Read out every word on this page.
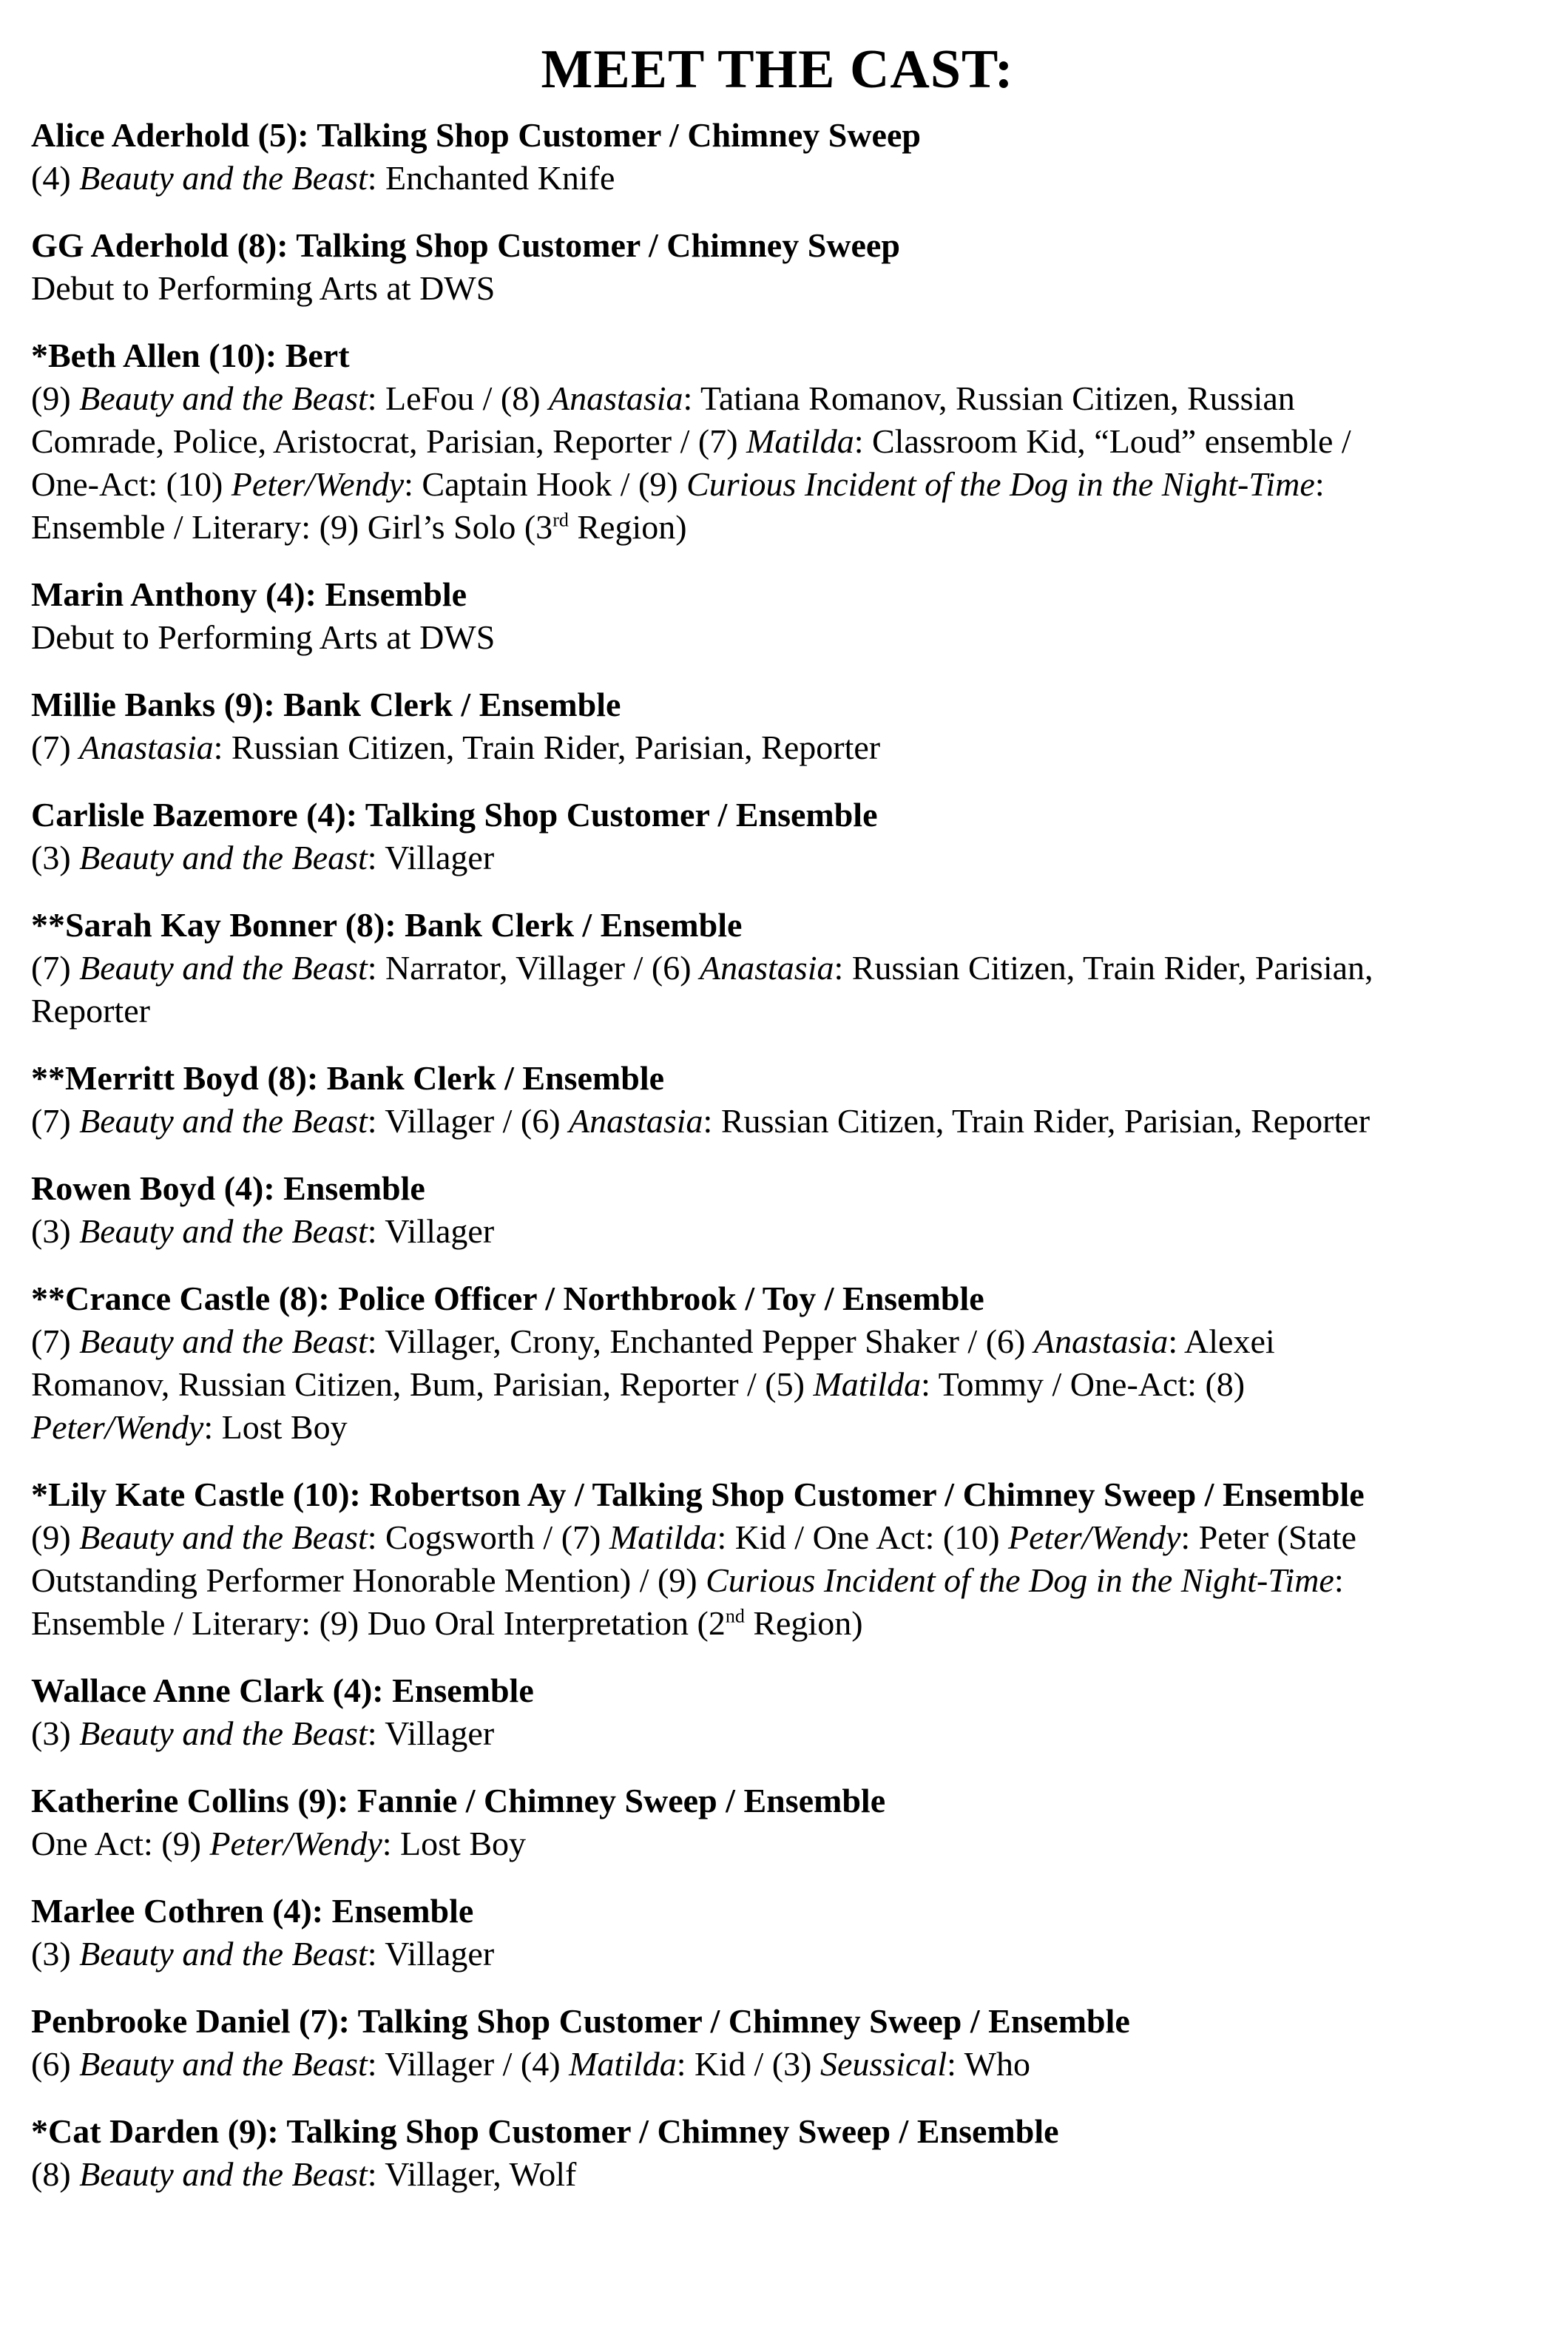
MEET THE CAST:
Alice Aderhold (5): Talking Shop Customer / Chimney Sweep
(4) Beauty and the Beast: Enchanted Knife
GG Aderhold (8): Talking Shop Customer / Chimney Sweep
Debut to Performing Arts at DWS
*Beth Allen (10): Bert
(9) Beauty and the Beast: LeFou / (8) Anastasia: Tatiana Romanov, Russian Citizen, Russian
Comrade, Police, Aristocrat, Parisian, Reporter / (7) Matilda: Classroom Kid, “Loud” ensemble /
One-Act: (10) Peter/Wendy: Captain Hook / (9) Curious Incident of the Dog in the Night-Time:
Ensemble / Literary: (9) Girl’s Solo (3rd Region)
Marin Anthony (4): Ensemble
Debut to Performing Arts at DWS
Millie Banks (9): Bank Clerk / Ensemble
(7) Anastasia: Russian Citizen, Train Rider, Parisian, Reporter
Carlisle Bazemore (4): Talking Shop Customer / Ensemble
(3) Beauty and the Beast: Villager
**Sarah Kay Bonner (8): Bank Clerk / Ensemble
(7) Beauty and the Beast: Narrator, Villager / (6) Anastasia: Russian Citizen, Train Rider, Parisian,
Reporter
**Merritt Boyd (8): Bank Clerk / Ensemble
(7) Beauty and the Beast: Villager / (6) Anastasia: Russian Citizen, Train Rider, Parisian, Reporter
Rowen Boyd (4): Ensemble
(3) Beauty and the Beast: Villager
**Crance Castle (8): Police Officer / Northbrook / Toy / Ensemble
(7) Beauty and the Beast: Villager, Crony, Enchanted Pepper Shaker / (6) Anastasia: Alexei
Romanov, Russian Citizen, Bum, Parisian, Reporter / (5) Matilda: Tommy / One-Act: (8)
Peter/Wendy: Lost Boy
*Lily Kate Castle (10): Robertson Ay / Talking Shop Customer / Chimney Sweep / Ensemble
(9) Beauty and the Beast: Cogsworth / (7) Matilda: Kid / One Act: (10) Peter/Wendy: Peter (State
Outstanding Performer Honorable Mention) / (9) Curious Incident of the Dog in the Night-Time:
Ensemble / Literary: (9) Duo Oral Interpretation (2nd Region)
Wallace Anne Clark (4): Ensemble
(3) Beauty and the Beast: Villager
Katherine Collins (9): Fannie / Chimney Sweep / Ensemble
One Act: (9) Peter/Wendy: Lost Boy
Marlee Cothren (4): Ensemble
(3) Beauty and the Beast: Villager
Penbrooke Daniel (7): Talking Shop Customer / Chimney Sweep / Ensemble
(6) Beauty and the Beast: Villager / (4) Matilda: Kid / (3) Seussical: Who
*Cat Darden (9): Talking Shop Customer / Chimney Sweep / Ensemble
(8) Beauty and the Beast: Villager, Wolf
